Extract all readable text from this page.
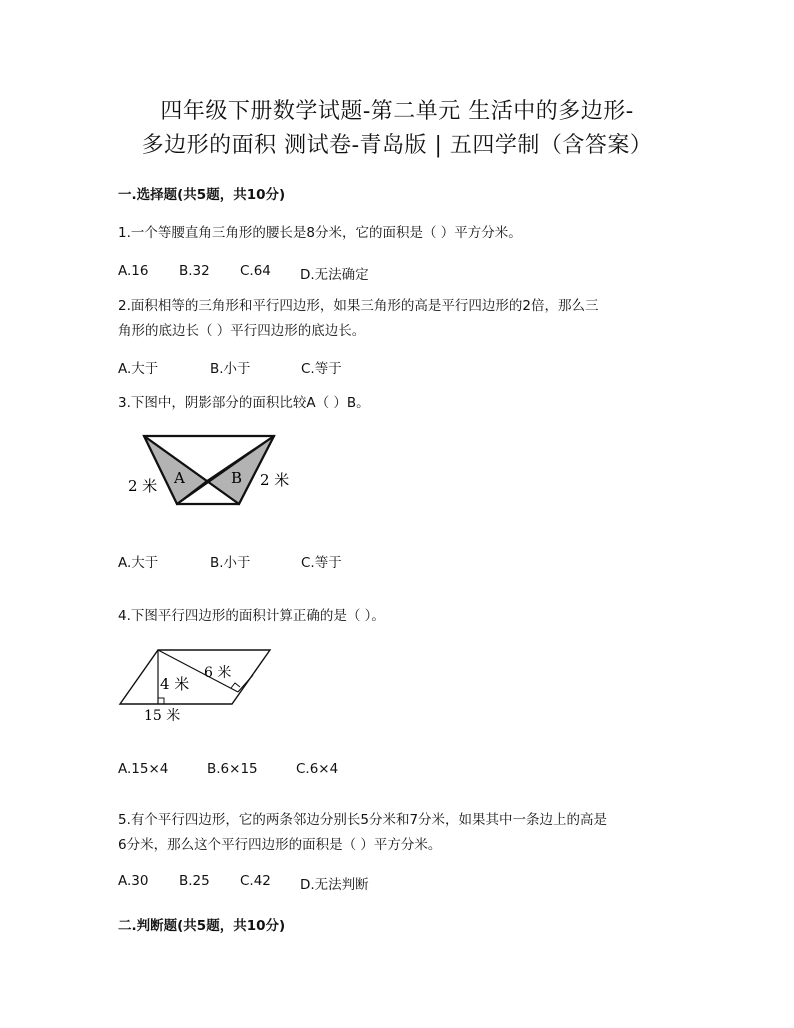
四年级下册数学试题-第二单元 生活中的多边形-
多边形的面积 测试卷-青岛版 | 五四学制（含答案）
一.选择题(共5题，共10分)
1.一个等腰直角三角形的腰长是8分米，它的面积是（ ）平方分米。
A.16 B.32 C.64 D.无法确定
2.面积相等的三角形和平行四边形，如果三角形的高是平行四边形的2倍，那么三
角形的底边长（ ）平行四边形的底边长。
A.大于	B.小于	C.等于
3.下图中，阴影部分的面积比较A（ ）B。
A	B
2 米	2 米
A.大于	B.小于	C.等于
4.下图平行四边形的面积计算正确的是（ ）。
4 米
6 米
15 米
A.15×4	B.6×15	C.6×4
5.有个平行四边形，它的两条邻边分别长5分米和7分米，如果其中一条边上的高是
6分米，那么这个平行四边形的面积是（ ）平方分米。
A.30 B.25 C.42 D.无法判断
二.判断题(共5题，共10分)
